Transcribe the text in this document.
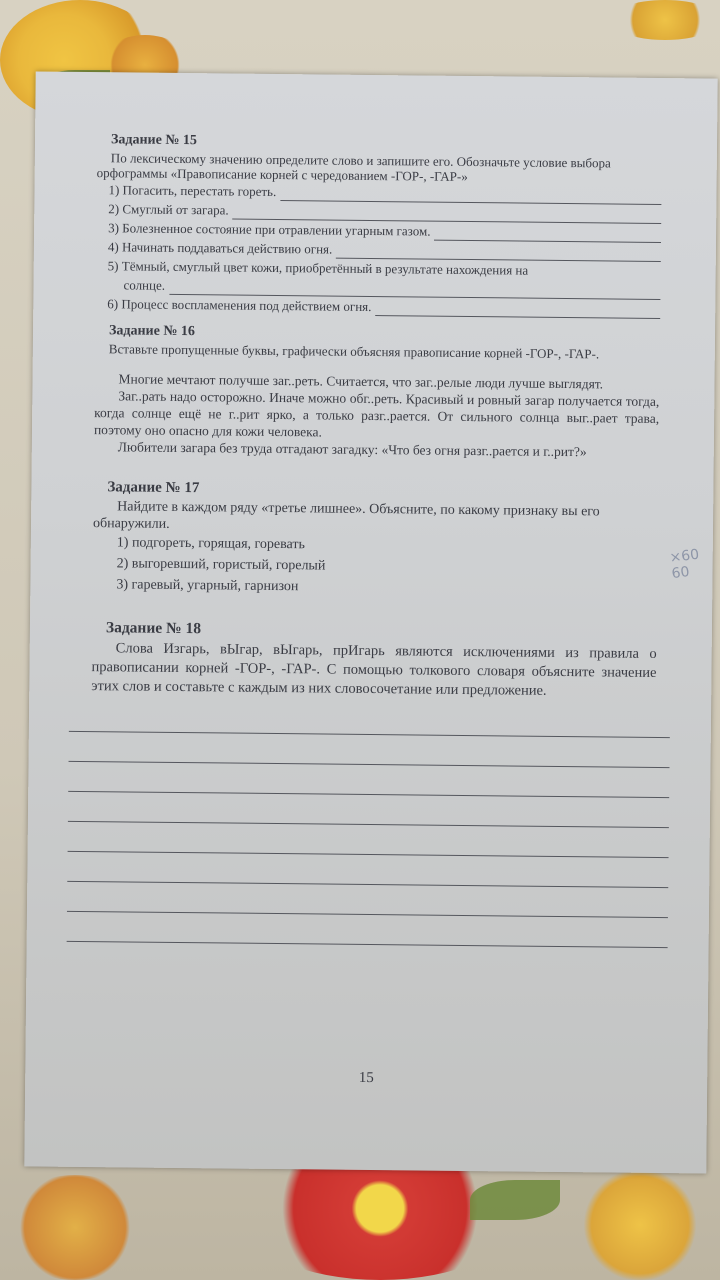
Задание № 15

По лексическому значению определите слово и запишите его. Обозначьте условие выбора орфограммы «Правописание корней с чередованием -ГОР-, -ГАР-»

1) Погасить, перестать гореть.
2) Смуглый от загара.
3) Болезненное состояние при отравлении угарным газом.
4) Начинать поддаваться действию огня.
5) Тёмный, смуглый цвет кожи, приобретённый в результате нахождения на
солнце.
6) Процесс воспламенения под действием огня.

Задание № 16

Вставьте пропущенные буквы, графически объясняя правописание корней -ГОР-, -ГАР-.

Многие мечтают получше заг..реть. Считается, что заг..релые люди лучше выглядят.

Заг..рать надо осторожно. Иначе можно обг..реть. Красивый и ровный загар получается тогда, когда солнце ещё не г..рит ярко, а только разг..рается. От сильного солнца выг..рает трава, поэтому оно опасно для кожи человека.

Любители загара без труда отгадают загадку: «Что без огня разг..рается и г..рит?»

Задание № 17

Найдите в каждом ряду «третье лишнее». Объясните, по какому признаку вы его обнаружили.

1) подгореть, горящая, горевать
2) выгоревший, гористый, горелый
3) гаревый, угарный, гарнизон

Задание № 18

Слова Изгарь, вЫгар, вЫгарь, прИгарь являются исключениями из правила о правописании корней -ГОР-, -ГАР-. С помощью толкового словаря объясните значение этих слов и составьте с каждым из них словосочетание или предложение.

×60
60
15
